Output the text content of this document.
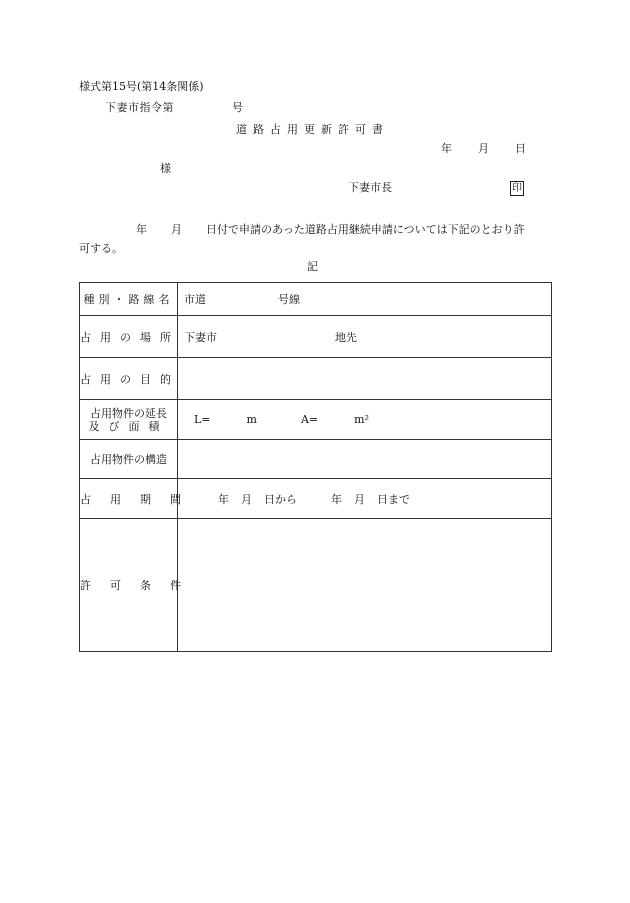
様式第15号(第14条関係)
下妻市指令第	号
道路占用更新許可書
年 月 日
様
下妻市長	印
年 月 日付で申請のあった道路占用継続申請については下記のとおり許
可する。
記
種別・路線名	市道 号線
占用の場所	下妻市 地先
占用の目的	

占用物件の延長
及び面積	L= m A= m²
占用物件の構造	
占用期間	年 月 日から 年 月 日まで
許可条件	
